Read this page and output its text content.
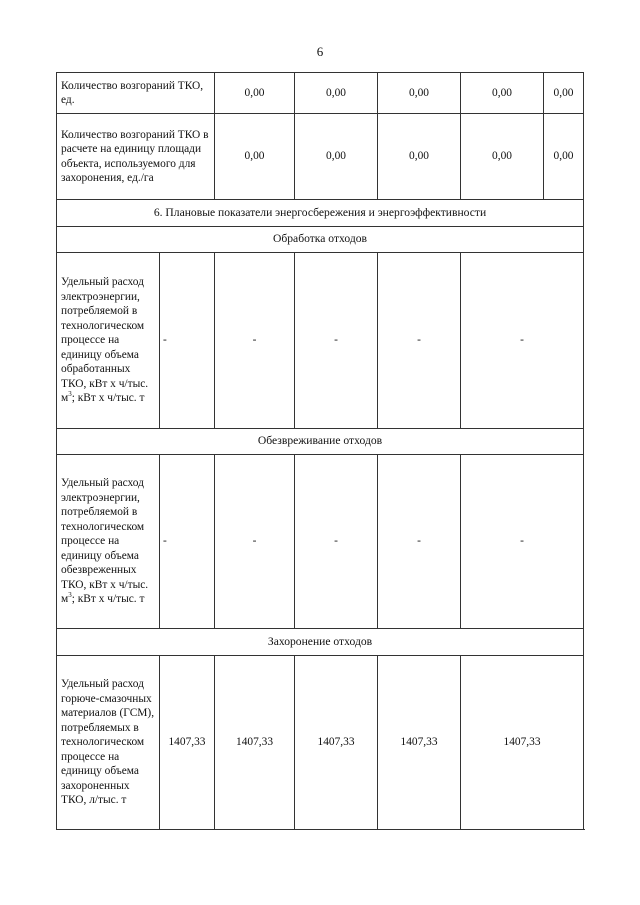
6
Количество возгораний ТКО, ед.		0,00	0,00	0,00	0,00	0,00
Количество возгораний ТКО в расчете на единицу площади объекта, используемого для захоронения, ед./га		0,00	0,00	0,00	0,00	0,00
6. Плановые показатели энергосбережения и энергоэффективности						
Обработка отходов						
Удельный расход электроэнергии, потребляемой в технологическом процессе на единицу объема обработанных ТКО, кВт х ч/тыс. $м^3$; кВт х ч/тыс. т	-	-	-	-	-	
Обезвреживание отходов						
Удельный расход электроэнергии, потребляемой в технологическом процессе на единицу объема обезвреженных ТКО, кВт х ч/тыс. $м^3$; кВт х ч/тыс. т	-	-	-	-	-	
Захоронение отходов						
Удельный расход горюче-смазочных материалов (ГСМ), потребляемых в технологическом процессе на единицу объема захороненных ТКО, л/тыс. т	1407,33	1407,33	1407,33	1407,33	1407,33	
